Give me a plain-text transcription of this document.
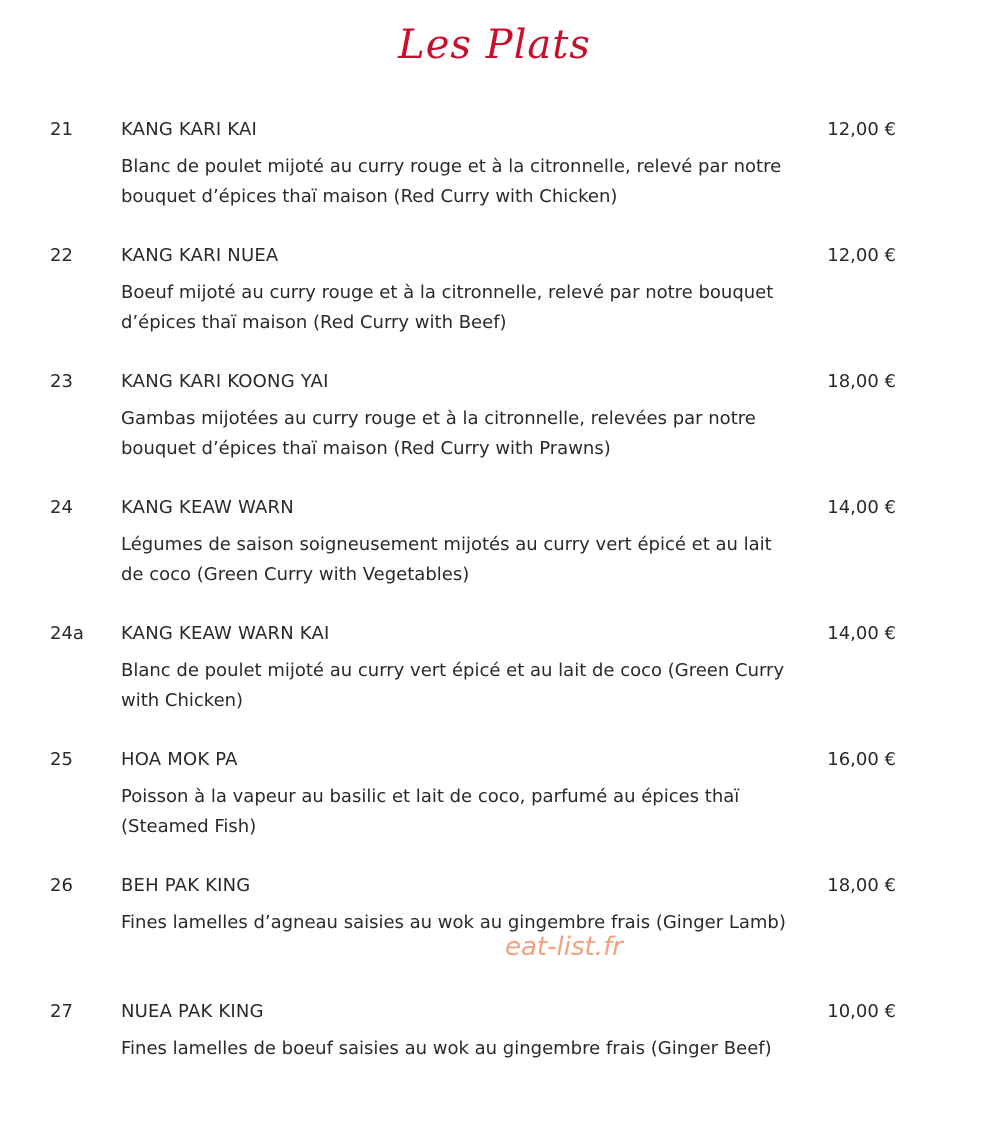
Les Plats
21	KANG KARI KAI	12,00 €
Blanc de poulet mijoté au curry rouge et à la citronnelle, relevé par notre bouquet d’épices thaï maison (Red Curry with Chicken)
22	KANG KARI NUEA	12,00 €
Boeuf mijoté au curry rouge et à la citronnelle, relevé par notre bouquet d’épices thaï maison (Red Curry with Beef)
23	KANG KARI KOONG YAI	18,00 €
Gambas mijotées au curry rouge et à la citronnelle, relevées par notre bouquet d’épices thaï maison (Red Curry with Prawns)
24	KANG KEAW WARN	14,00 €
Légumes de saison soigneusement mijotés au curry vert épicé et au lait de coco (Green Curry with Vegetables)
24a KANG KEAW WARN KAI	14,00 €
Blanc de poulet mijoté au curry vert épicé et au lait de coco (Green Curry with Chicken)
25	HOA MOK PA	16,00 €
Poisson à la vapeur au basilic et lait de coco, parfumé au épices thaï (Steamed Fish)
26	BEH PAK KING	18,00 €
Fines lamelles d’agneau saisies au wok au gingembre frais (Ginger Lamb)
27	NUEA PAK KING	10,00 €
Fines lamelles de boeuf saisies au wok au gingembre frais (Ginger Beef)
eat-list.fr
